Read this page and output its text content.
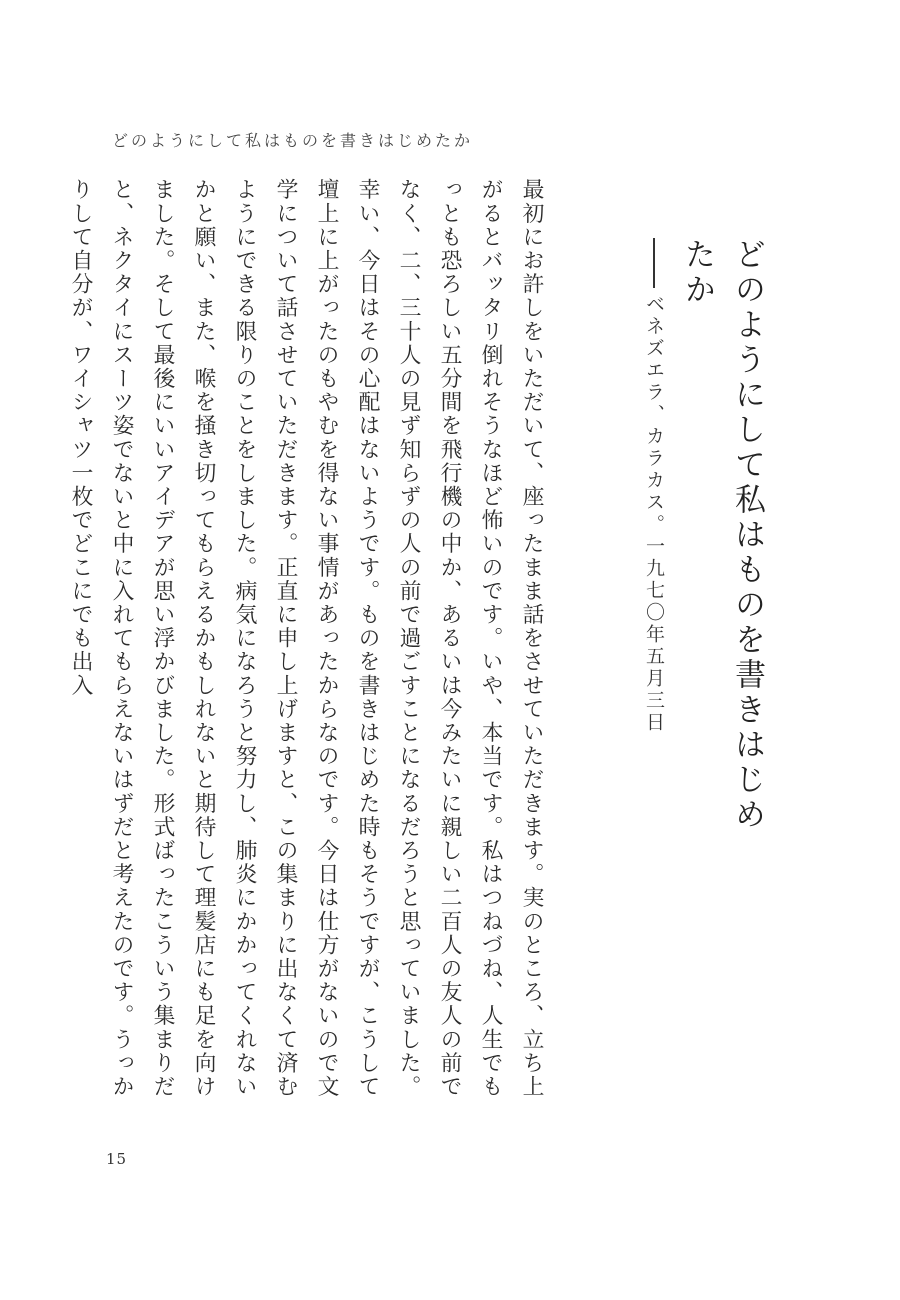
どのようにして私はものを書きはじめたか
どのようにして私はものを書きはじめたか
ベネズエラ、カラカス。一九七〇年五月三日

最初にお許しをいただいて、座ったまま話をさせていただきます。実のところ、立ち上がるとバッタリ倒れそうなほど怖いのです。いや、本当です。私はつねづね、人生でもっとも恐ろしい五分間を飛行機の中か、あるいは今みたいに親しい二百人の友人の前でなく、二、三十人の見ず知らずの人の前で過ごすことになるだろうと思っていました。幸い、今日はその心配はないようです。ものを書きはじめた時もそうですが、こうして壇上に上がったのもやむを得ない事情があったからなのです。今日は仕方がないので文学について話させていただきます。正直に申し上げますと、この集まりに出なくて済むようにできる限りのことをしました。病気になろうと努力し、肺炎にかかってくれないかと願い、また、喉を掻き切ってもらえるかもしれないと期待して理髪店にも足を向けました。そして最後にいいアイデアが思い浮かびました。形式ばったこういう集まりだと、ネクタイにスーツ姿でないと中に入れてもらえないはずだと考えたのです。うっかりして自分が、ワイシャツ一枚でどこにでも出入

15
